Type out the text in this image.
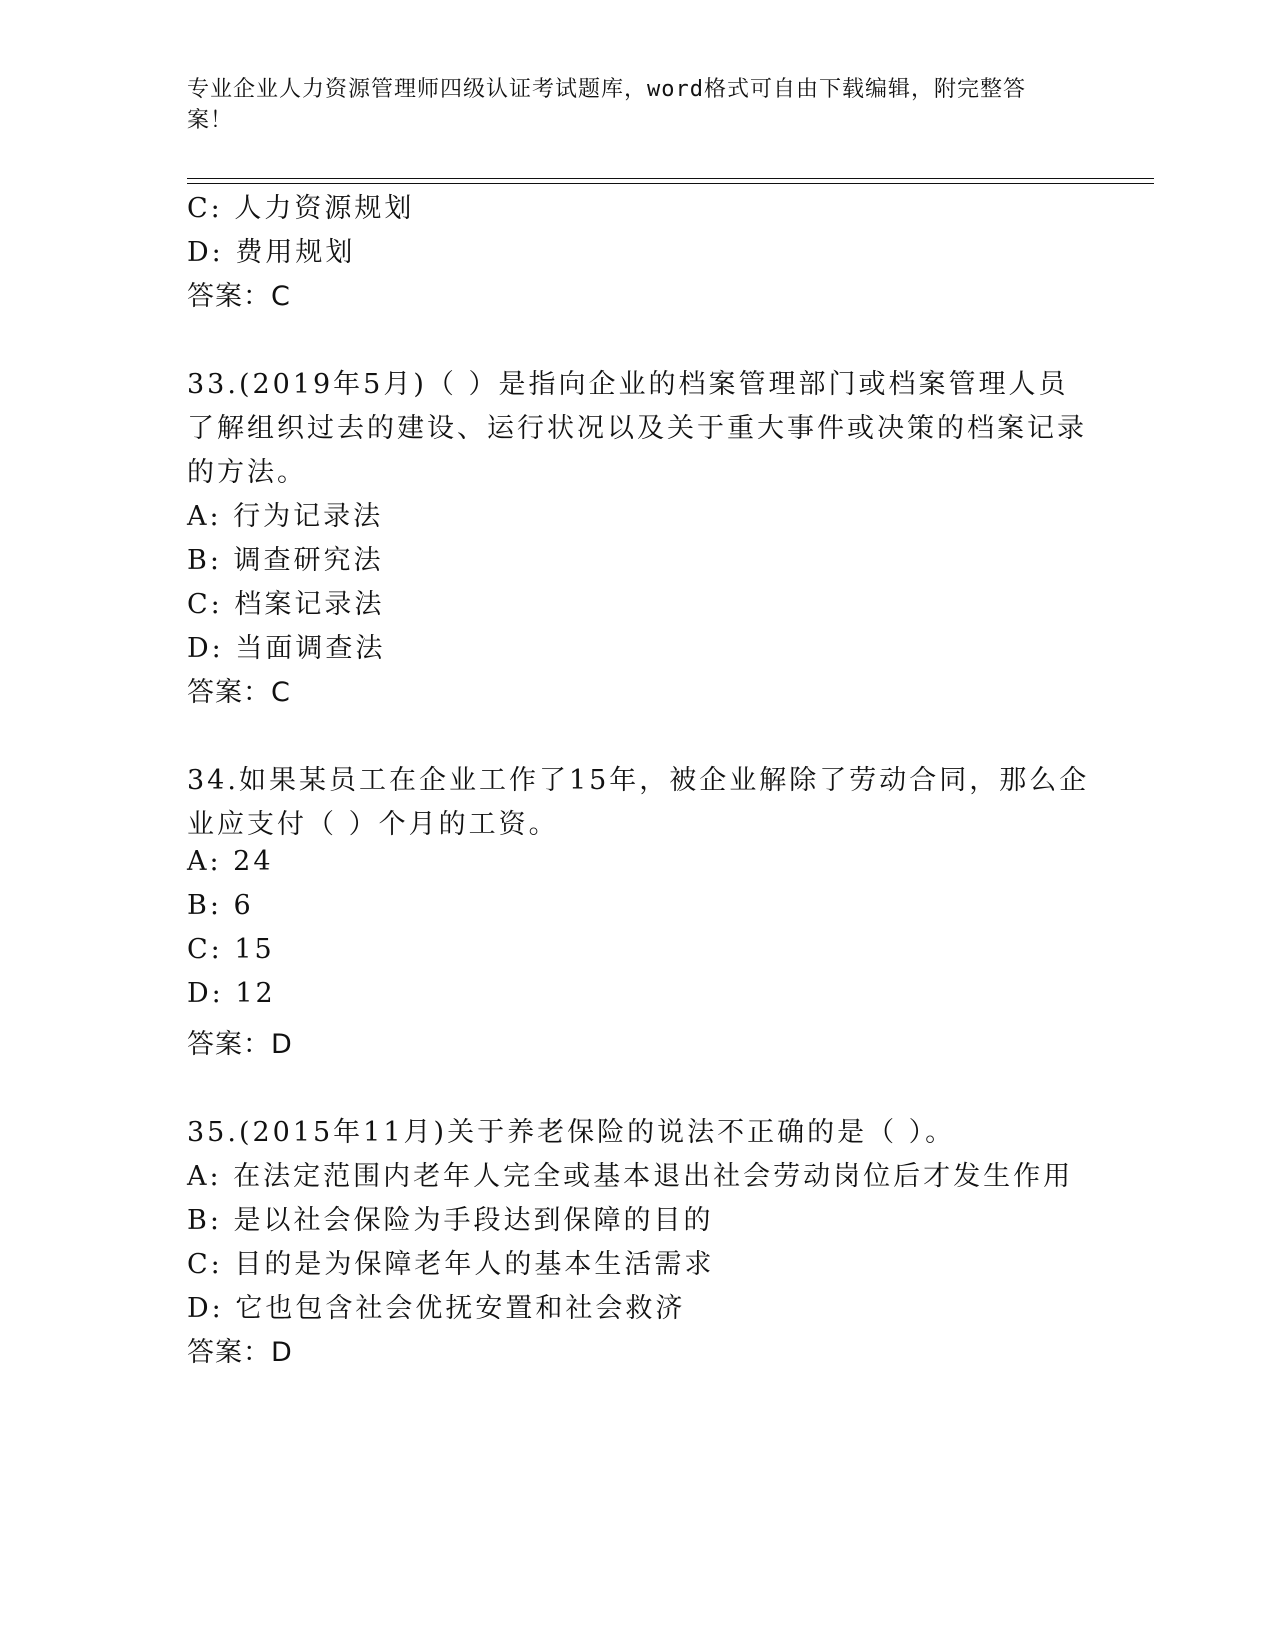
专业企业人力资源管理师四级认证考试题库，word格式可自由下载编辑，附完整答案！
C: 人力资源规划
D: 费用规划
答案：C
33.(2019年5月)（ ）是指向企业的档案管理部门或档案管理人员
了解组织过去的建设、运行状况以及关于重大事件或决策的档案记录
的方法。
A: 行为记录法
B: 调查研究法
C: 档案记录法
D: 当面调查法
答案：C
34.如果某员工在企业工作了15年，被企业解除了劳动合同，那么企
业应支付（ ）个月的工资。
A: 24
B: 6
C: 15
D: 12
答案：D
35.(2015年11月)关于养老保险的说法不正确的是（ ）。
A: 在法定范围内老年人完全或基本退出社会劳动岗位后才发生作用
B: 是以社会保险为手段达到保障的目的
C: 目的是为保障老年人的基本生活需求
D: 它也包含社会优抚安置和社会救济
答案：D
